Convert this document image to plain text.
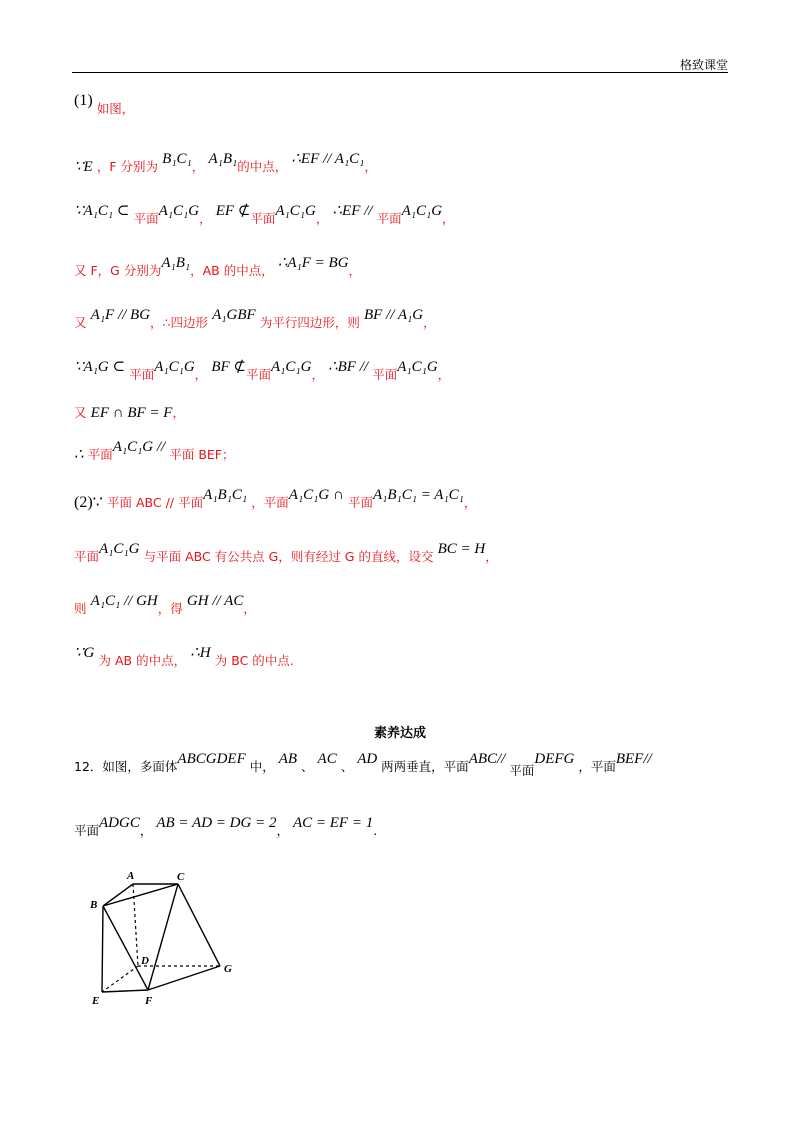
格致课堂
(1) 如图，
∵E ，F 分别为 B₁C₁， A₁B₁的中点， ∴EF // A₁C₁，
∵A₁C₁ ⊂ 平面A₁C₁G， EF ⊄平面A₁C₁G， ∴EF // 平面A₁C₁G，
又 F，G 分别为A₁B₁，AB 的中点， ∴A₁F = BG，
又 A₁F // BG，∴四边形 A₁GBF 为平行四边形，则 BF // A₁G，
∵A₁G ⊂ 平面A₁C₁G， BF ⊄平面A₁C₁G， ∴BF // 平面A₁C₁G，
又 EF ∩ BF = F，
∴ 平面A₁C₁G // 平面 BEF；
(2)∵ 平面 ABC // 平面A₁B₁C₁ ，平面A₁C₁G ∩ 平面A₁B₁C₁ = A₁C₁，
平面A₁C₁G 与平面 ABC 有公共点 G，则有经过 G 的直线，设交 BC = H，
则 A₁C₁ // GH，得 GH // AC，
∵G 为 AB 的中点， ∴H 为 BC 的中点.
素养达成
12．如图，多面体ABCGDEF 中， AB 、 AC 、 AD 两两垂直，平面ABC// 平面DEFG ，平面BEF//
平面ADGC， AB = AD = DG = 2， AC = EF = 1.
A
B
C
D
E	F
G
